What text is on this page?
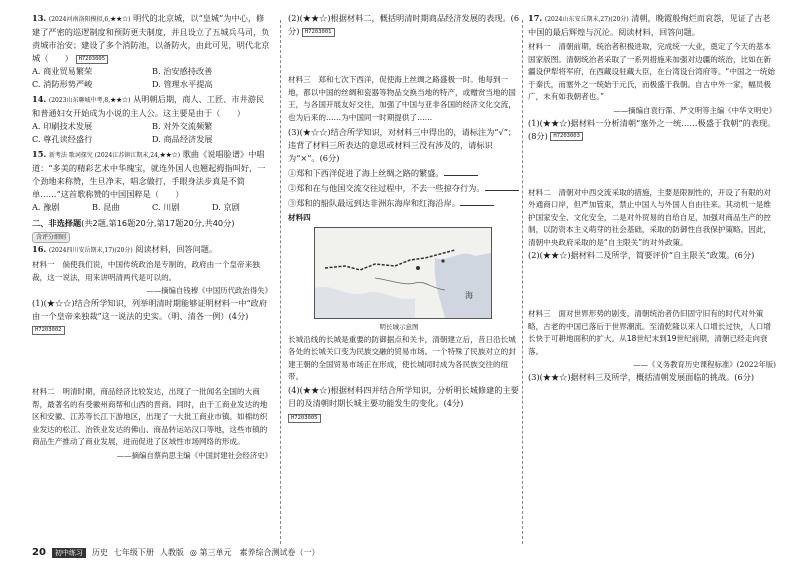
13. (2024河南洛阳模拟,6,★★☆) 明代的北京城，以“皇城”为中心，修建了严密的巡逻制度和预防更夫制度，并且设立了五城兵马司，负责城市治安；建设了多个消防池，以备防火，由此可见，明代北京城（　　） H7203005
A. 商业贸易繁荣	B. 治安感持改善
C. 消防形势严峻	D. 管理水平提高
14. (2023山东聊城中考,8,★★☆) 从明朝后期，商人、工匠、市井游民和普通妇女开始成为小说的主人公。这主要是由于（　　）
A. 印刷技术发展	B. 对外交流频繁
C. 尊孔读经盛行	D. 商品经济发展
15. 新考法 歌词探究 (2024江苏镇江期末,24,★★☆) 歌曲《说唱脸谱》中唱道：“多美的精彩艺术中华瑰宝，就连外国人也翘起拇指叫好，一个劲地来称赞，生旦净末，唱念做打，手眼身法步真是不简单……”这首歌称赞的中国国粹是（　　）
A. 豫剧	B. 昆曲	C. 川剧	D. 京剧
二、非选择题(共2题,第16题20分,第17题20分,共40分)
含评分细则
16. (2024四川安岳期末,17)(20分) 阅读材料，回答问题。
材料一　倘使我们说，中国传统政治是专制的，政府由一个皇帝来独裁，这一说法，用来讲明清两代是可以的。
——摘编自钱穆《中国历代政治得失》
(1)(★☆☆)结合所学知识，列举明清时期能够证明材料一中“政府由一个皇帝来独裁”这一说法的史实。（明、清各一例）(4分) H7203002
材料二　明清时期，商品经济比较发达，出现了一批闻名全国的大商帮，最著名的有受徽州商帮和山西的晋商。同时，由于工商业发达的地区和安徽、江苏等长江下游地区，出现了一大批工商业市镇。如棉纺织业发达的松江、冶铁业发达的佛山、商品转运站汉口等地，这些市镇的商品生产推动了商业发展，进而促进了区域性市场网络的形成。
——摘编自蔡尚思主编《中国封建社会经济史》
(2)(★★☆)根据材料二，概括明清时期商品经济发展的表现。(6分) H7203001
材料三　郑和七次下西洋，促使海上丝绸之路盛极一时。他每到一地，都以中国的丝绸和瓷器等物品交换当地的特产，或赠赏当地的国王，与各国开展友好交往，加强了中国与亚非各国的经济文化交流，也为后来的……为中国同一时期提供了……
(3)(★☆☆)结合所学知识，对材料三中得出的，请标注为“√”；违背了材料三所表达的意思或材料三没有涉及的，请标识为“×”。(6分)
①郑和下西洋促进了海上丝绸之路的繁盛。
②郑和在与他国交流交往过程中，不去一些掠夺行为。
③郑和的船队最远到达非洲东海岸和红海沿岸。
材料四
海
明长城示意图
长城沿线的长城是重要的防御据点和关卡，清朝建立后，昔日沿长城各处的长城关口变为民族交融的贸易市场。一个特殊了民族对立的封建王朝的全国贸易市场正在形成，使长城同时成为各民族交往的纽带。
(4)(★★☆)根据材料四并结合所学知识，分析明长城修建的主要目的及清朝时期长城主要功能发生的变化。(4分)
H7203005
17. (2024山东安丘期末,27)(20分) 清朝，晚霞般绚烂而哀怨，见证了古老中国的最后辉煌与沉沦。阅读材料，回答问题。
材料一　清朝前期，统治者积极进取，完成统一大业，奠定了今天的基本国家版图。清朝统治者采取了一系列措施来加强对边疆的统治，比如在新疆设伊犁将军府，在西藏设驻藏大臣，在台湾设台湾府等。“中国之一统始于秦氏，而塞外之一统始于元氏，而极盛于我朝。自古中外一家，幅员极广，未有如我朝者也。”
——摘编自袁行霈、严文明等主编《中华文明史》
(1)(★★☆)据材料一分析清朝“塞外之一统……极盛于我朝”的表现。(8分) H7203003
材料二　清朝对中西交流采取的措施，主要是限制性的，开设了有限的对外通商口岸，但严加管束，禁止中国人与外国人自由往来。其动机一是维护国家安全、文化安全，二是对外贸易的自给自足，加强对商品生产的控制，以防资本主义萌芽的社会基础，采取的防御性自我保护策略。因此，清朝中央政府采取的是“自主限关”的对外政策。
(2)(★★☆)据材料二及所学，简要评价“自主限关”政策。(6分)
材料三　面对世界形势的剧变，清朝统治者仍旧固守旧有的时代对外策略，古老的中国已落后于世界潮流。至清乾隆以来人口增长过快，人口增长快于可耕地面积的扩大。从18世纪末到19世纪前期，清朝已经走向衰落。
——《义务教育历史课程标准》(2022年版)
(3)(★★☆)据材料三及所学，概括清朝发展面临的挑战。(6分)
20	初中练习	历史 七年级下册 人教版 ◎ 第三单元　素养综合测试卷（一）
